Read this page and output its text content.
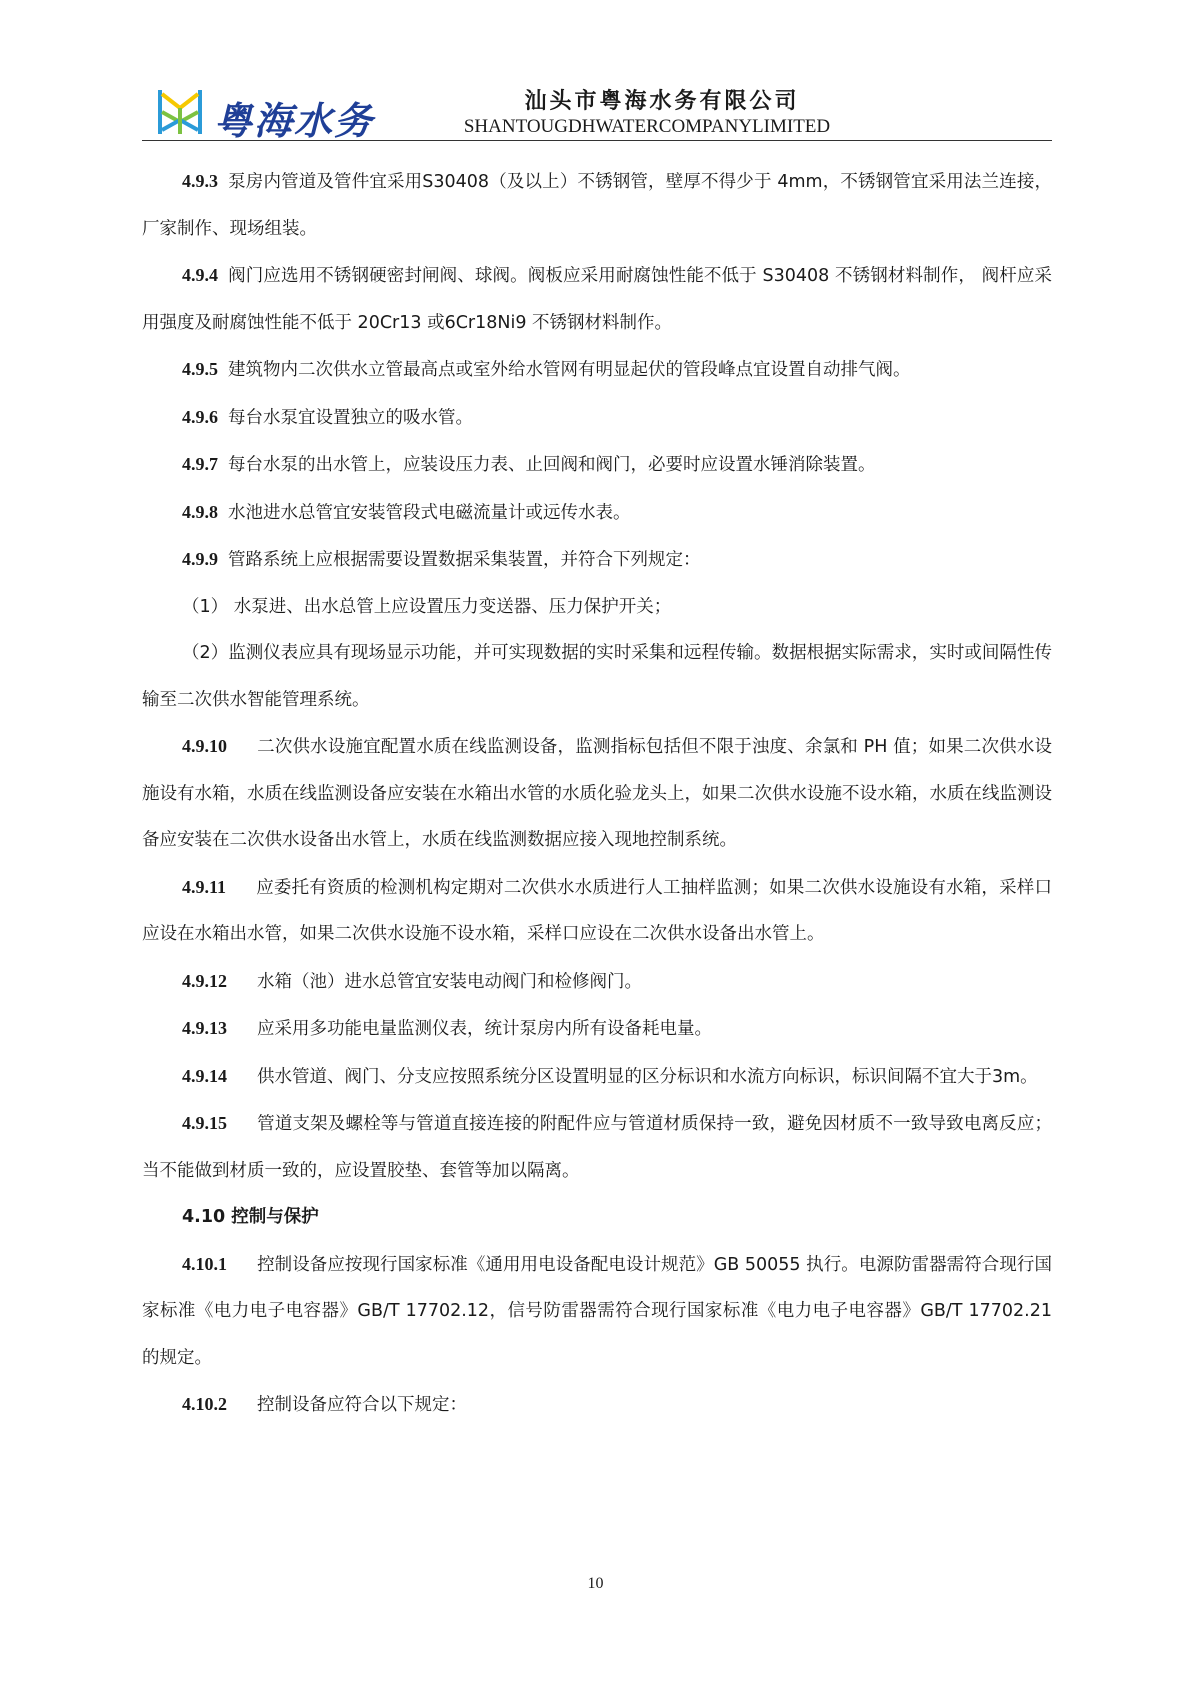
粤海水务	汕头市粤海水务有限公司
SHANTOUGDHWATERCOMPANYLIMITED

4.9.3 泵房内管道及管件宜采用S30408（及以上）不锈钢管，壁厚不得少于 4mm，不锈钢管宜采用法兰连接，厂家制作、现场组装。

4.9.4 阀门应选用不锈钢硬密封闸阀、球阀。阀板应采用耐腐蚀性能不低于 S30408 不锈钢材料制作， 阀杆应采用强度及耐腐蚀性能不低于 20Cr13 或6Cr18Ni9 不锈钢材料制作。

4.9.5 建筑物内二次供水立管最高点或室外给水管网有明显起伏的管段峰点宜设置自动排气阀。

4.9.6 每台水泵宜设置独立的吸水管。

4.9.7 每台水泵的出水管上，应装设压力表、止回阀和阀门，必要时应设置水锤消除装置。

4.9.8 水池进水总管宜安装管段式电磁流量计或远传水表。

4.9.9 管路系统上应根据需要设置数据采集装置，并符合下列规定：

（1） 水泵进、出水总管上应设置压力变送器、压力保护开关；

（2）监测仪表应具有现场显示功能，并可实现数据的实时采集和远程传输。数据根据实际需求，实时或间隔性传输至二次供水智能管理系统。

4.9.10 二次供水设施宜配置水质在线监测设备，监测指标包括但不限于浊度、余氯和 PH 值；如果二次供水设施设有水箱，水质在线监测设备应安装在水箱出水管的水质化验龙头上，如果二次供水设施不设水箱，水质在线监测设备应安装在二次供水设备出水管上，水质在线监测数据应接入现地控制系统。

4.9.11 应委托有资质的检测机构定期对二次供水水质进行人工抽样监测；如果二次供水设施设有水箱，采样口应设在水箱出水管，如果二次供水设施不设水箱，采样口应设在二次供水设备出水管上。

4.9.12 水箱（池）进水总管宜安装电动阀门和检修阀门。

4.9.13 应采用多功能电量监测仪表，统计泵房内所有设备耗电量。

4.9.14 供水管道、阀门、分支应按照系统分区设置明显的区分标识和水流方向标识，标识间隔不宜大于3m。

4.9.15 管道支架及螺栓等与管道直接连接的附配件应与管道材质保持一致，避免因材质不一致导致电离反应；当不能做到材质一致的，应设置胶垫、套管等加以隔离。

4.10 控制与保护

4.10.1 控制设备应按现行国家标准《通用用电设备配电设计规范》GB 50055 执行。电源防雷器需符合现行国家标准《电力电子电容器》GB/T 17702.12，信号防雷器需符合现行国家标准《电力电子电容器》GB/T 17702.21 的规定。

4.10.2 控制设备应符合以下规定：

10
